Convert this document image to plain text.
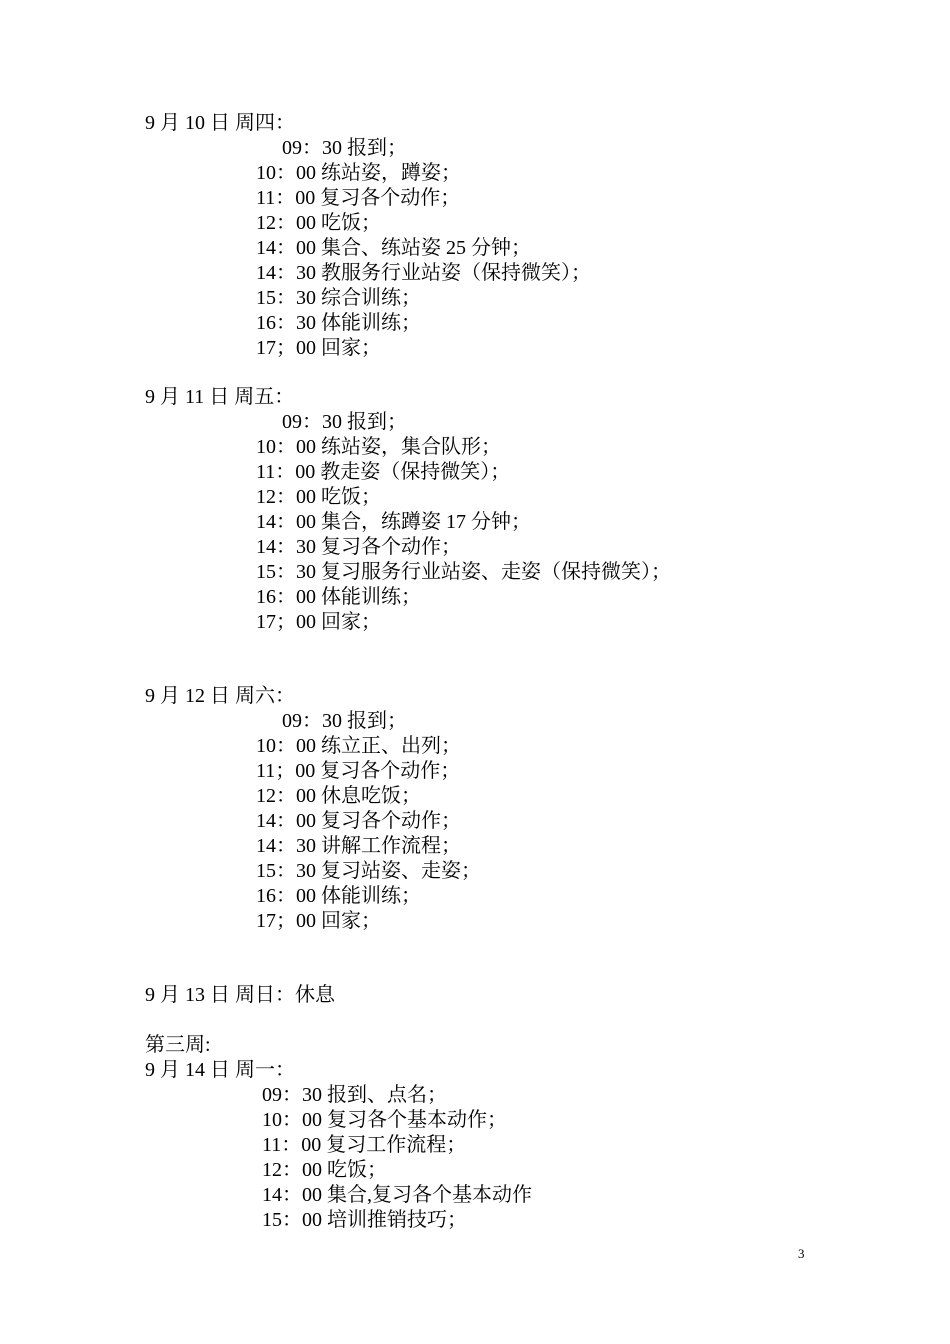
9 月 10 日 周四：
09：30 报到；
10：00 练站姿，蹲姿；
11：00 复习各个动作；
12：00 吃饭；
14：00 集合、练站姿 25 分钟；
14：30 教服务行业站姿（保持微笑）；
15：30 综合训练；
16：30 体能训练；
17；00 回家；
9 月 11 日 周五：
09：30 报到；
10：00 练站姿，集合队形；
11：00 教走姿（保持微笑）；
12：00 吃饭；
14：00 集合，练蹲姿 17 分钟；
14：30 复习各个动作；
15：30 复习服务行业站姿、走姿（保持微笑）；
16：00 体能训练；
17；00 回家；
9 月 12 日 周六：
09：30 报到；
10：00 练立正、出列；
11；00 复习各个动作；
12：00 休息吃饭；
14：00 复习各个动作；
14：30 讲解工作流程；
15：30 复习站姿、走姿；
16：00 体能训练；
17；00 回家；
9 月 13 日 周日：休息
第三周:
9 月 14 日 周一：
09：30 报到、点名；
10：00 复习各个基本动作；
11：00 复习工作流程；
12：00 吃饭；
14：00 集合,复习各个基本动作
15：00 培训推销技巧；
3
